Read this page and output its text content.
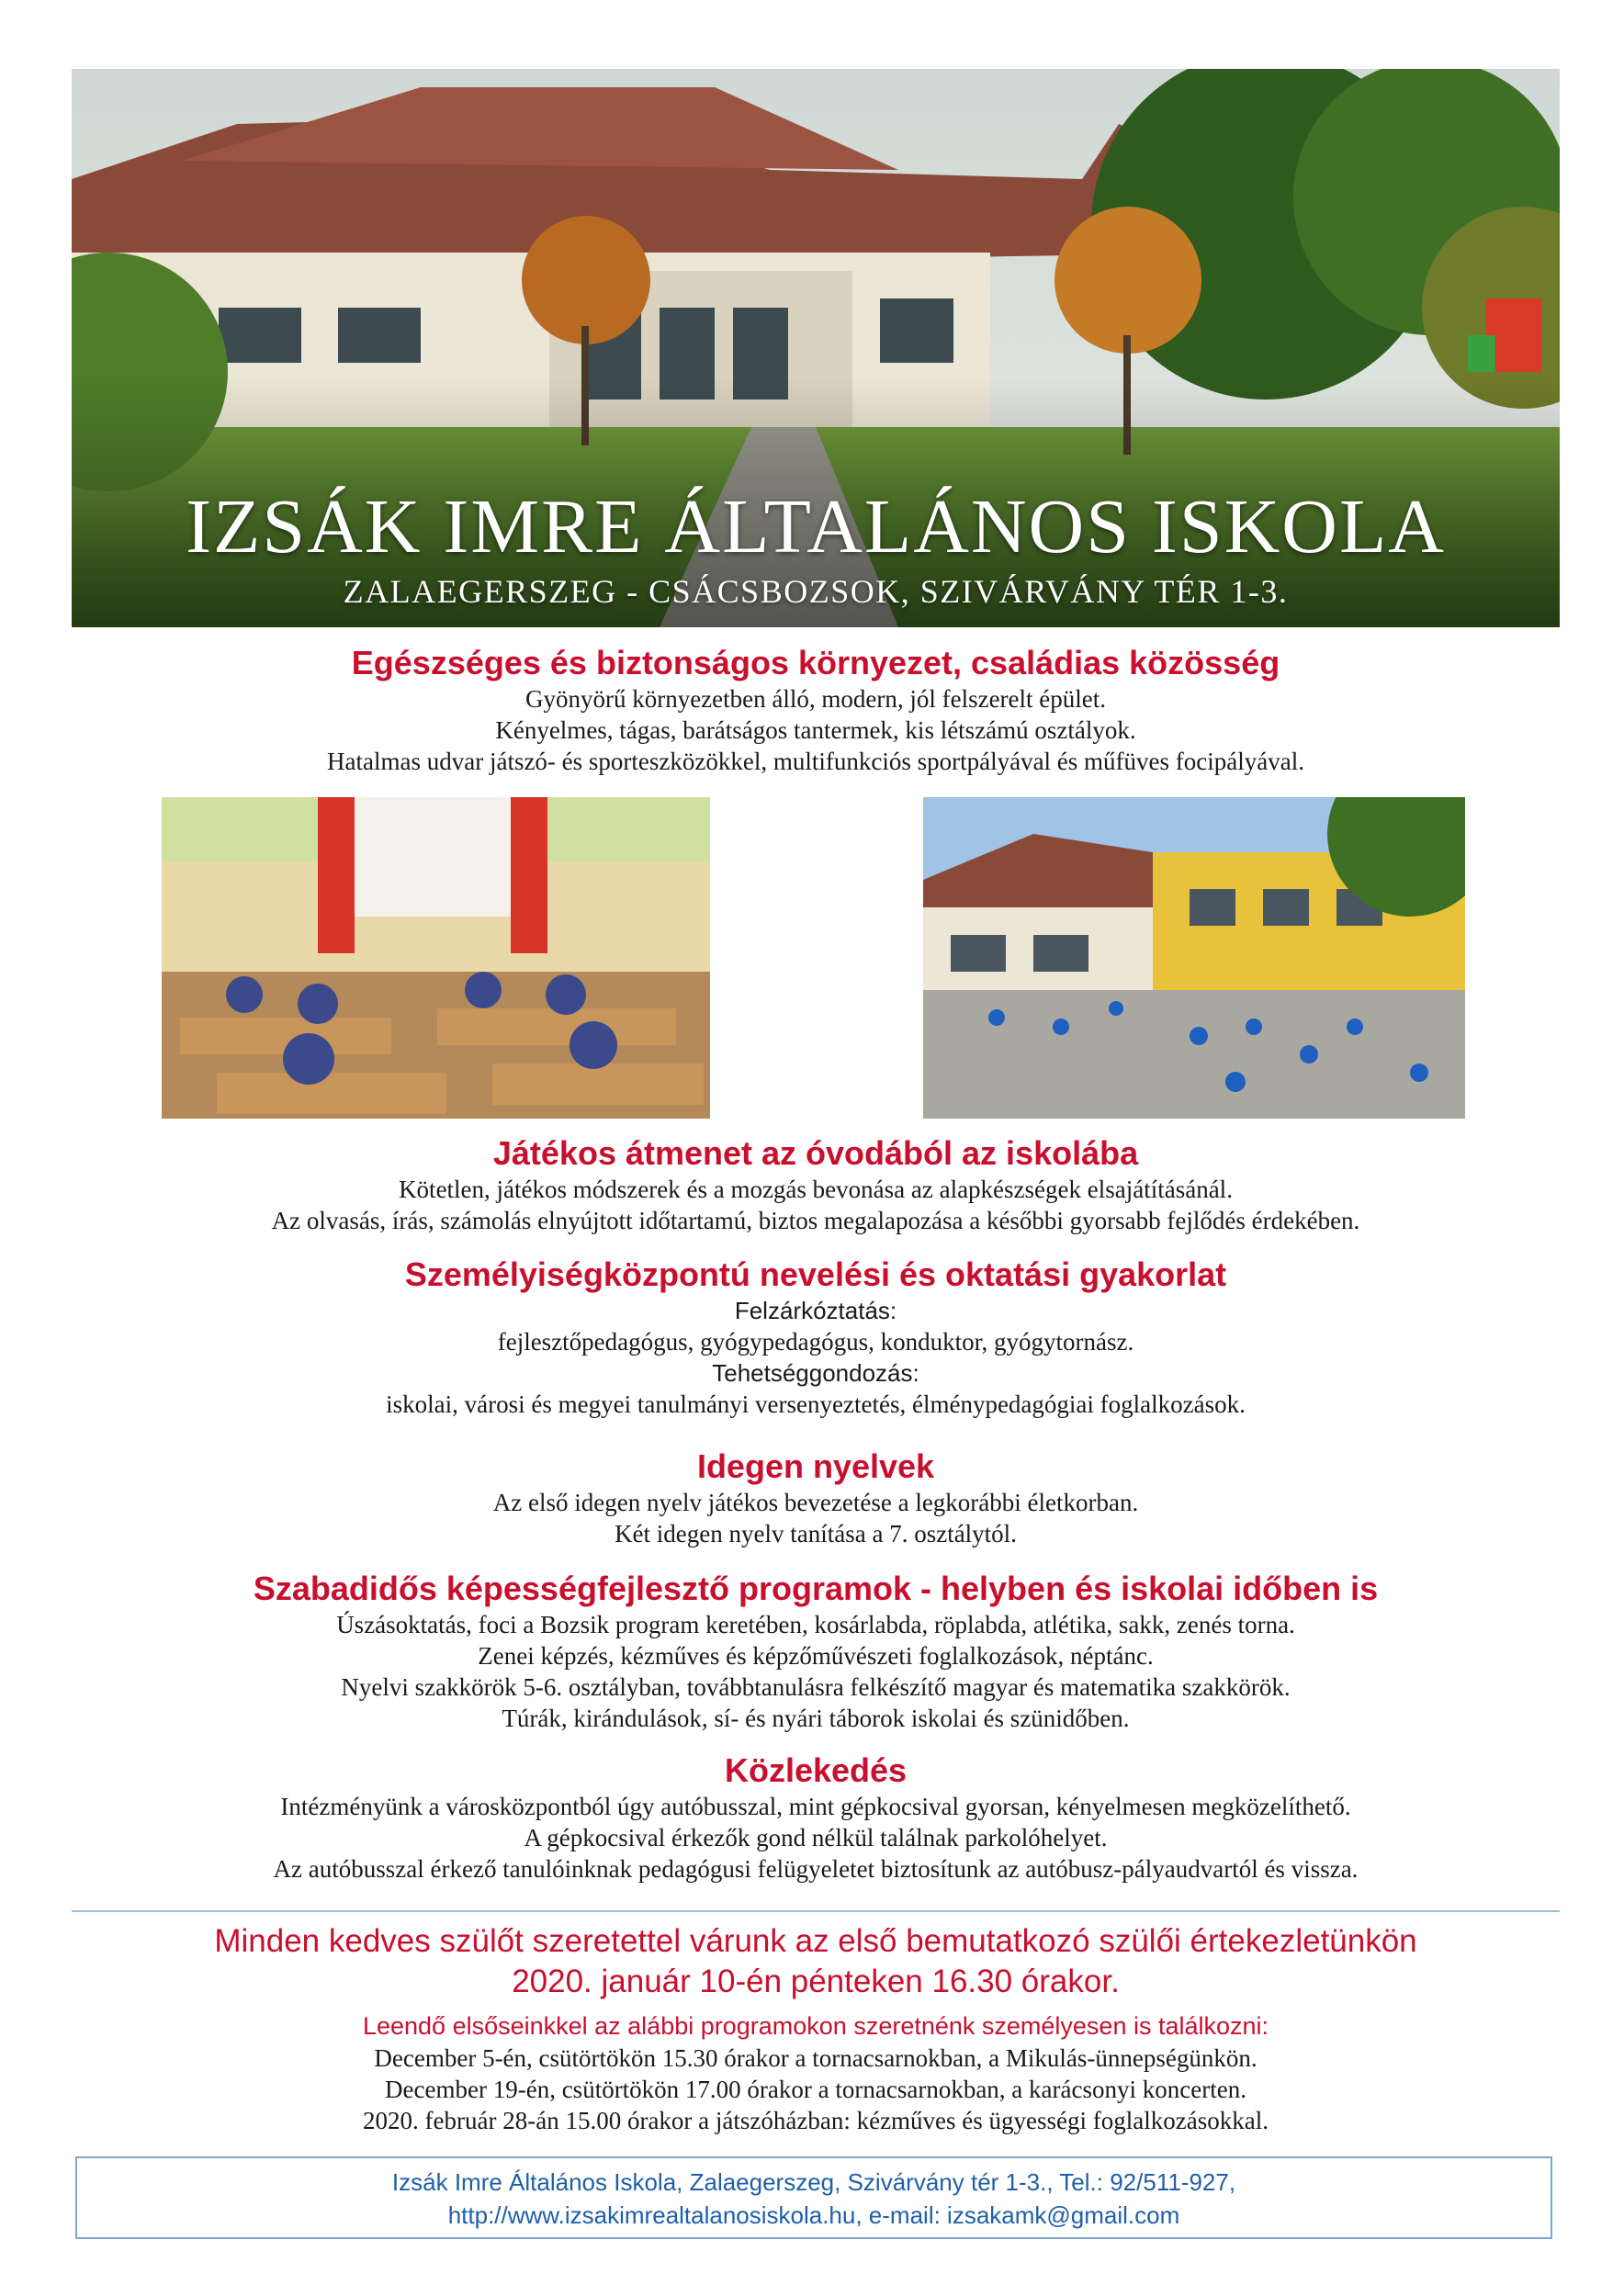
IZSÁK IMRE ÁLTALÁNOS ISKOLA
ZALAEGERSZEG - CSÁCSBOZSOK, SZIVÁRVÁNY TÉR 1-3.
Egészséges és biztonságos környezet, családias közösség

Gyönyörű környezetben álló, modern, jól felszerelt épület.

Kényelmes, tágas, barátságos tantermek, kis létszámú osztályok.

Hatalmas udvar játszó- és sporteszközökkel, multifunkciós sportpályával és műfüves focipályával.

Játékos átmenet az óvodából az iskolába

Kötetlen, játékos módszerek és a mozgás bevonása az alapkészségek elsajátításánál.

Az olvasás, írás, számolás elnyújtott időtartamú, biztos megalapozása a későbbi gyorsabb fejlődés érdekében.

Személyiségközpontú nevelési és oktatási gyakorlat

Felzárkóztatás:

fejlesztőpedagógus, gyógypedagógus, konduktor, gyógytornász.

Tehetséggondozás:

iskolai, városi és megyei tanulmányi versenyeztetés, élménypedagógiai foglalkozások.

Idegen nyelvek

Az első idegen nyelv játékos bevezetése a legkorábbi életkorban.

Két idegen nyelv tanítása a 7. osztálytól.

Szabadidős képességfejlesztő programok - helyben és iskolai időben is

Úszásoktatás, foci a Bozsik program keretében, kosárlabda, röplabda, atlétika, sakk, zenés torna.

Zenei képzés, kézműves és képzőművészeti foglalkozások, néptánc.

Nyelvi szakkörök 5-6. osztályban, továbbtanulásra felkészítő magyar és matematika szakkörök.

Túrák, kirándulások, sí- és nyári táborok iskolai és szünidőben.

Közlekedés

Intézményünk a városközpontból úgy autóbusszal, mint gépkocsival gyorsan, kényelmesen megközelíthető.

A gépkocsival érkezők gond nélkül találnak parkolóhelyet.

Az autóbusszal érkező tanulóinknak pedagógusi felügyeletet biztosítunk az autóbusz-pályaudvartól és vissza.

Minden kedves szülőt szeretettel várunk az első bemutatkozó szülői értekezletünkön

2020. január 10-én pénteken 16.30 órakor.

Leendő elsőseinkkel az alábbi programokon szeretnénk személyesen is találkozni:

December 5-én, csütörtökön 15.30 órakor a tornacsarnokban, a Mikulás-ünnepségünkön.

December 19-én, csütörtökön 17.00 órakor a tornacsarnokban, a karácsonyi koncerten.

2020. február 28-án 15.00 órakor a játszóházban: kézműves és ügyességi foglalkozásokkal.

Izsák Imre Általános Iskola, Zalaegerszeg, Szivárvány tér 1-3., Tel.: 92/511-927,
http://www.izsakimrealtalanosiskola.hu, e-mail: izsakamk@gmail.com
